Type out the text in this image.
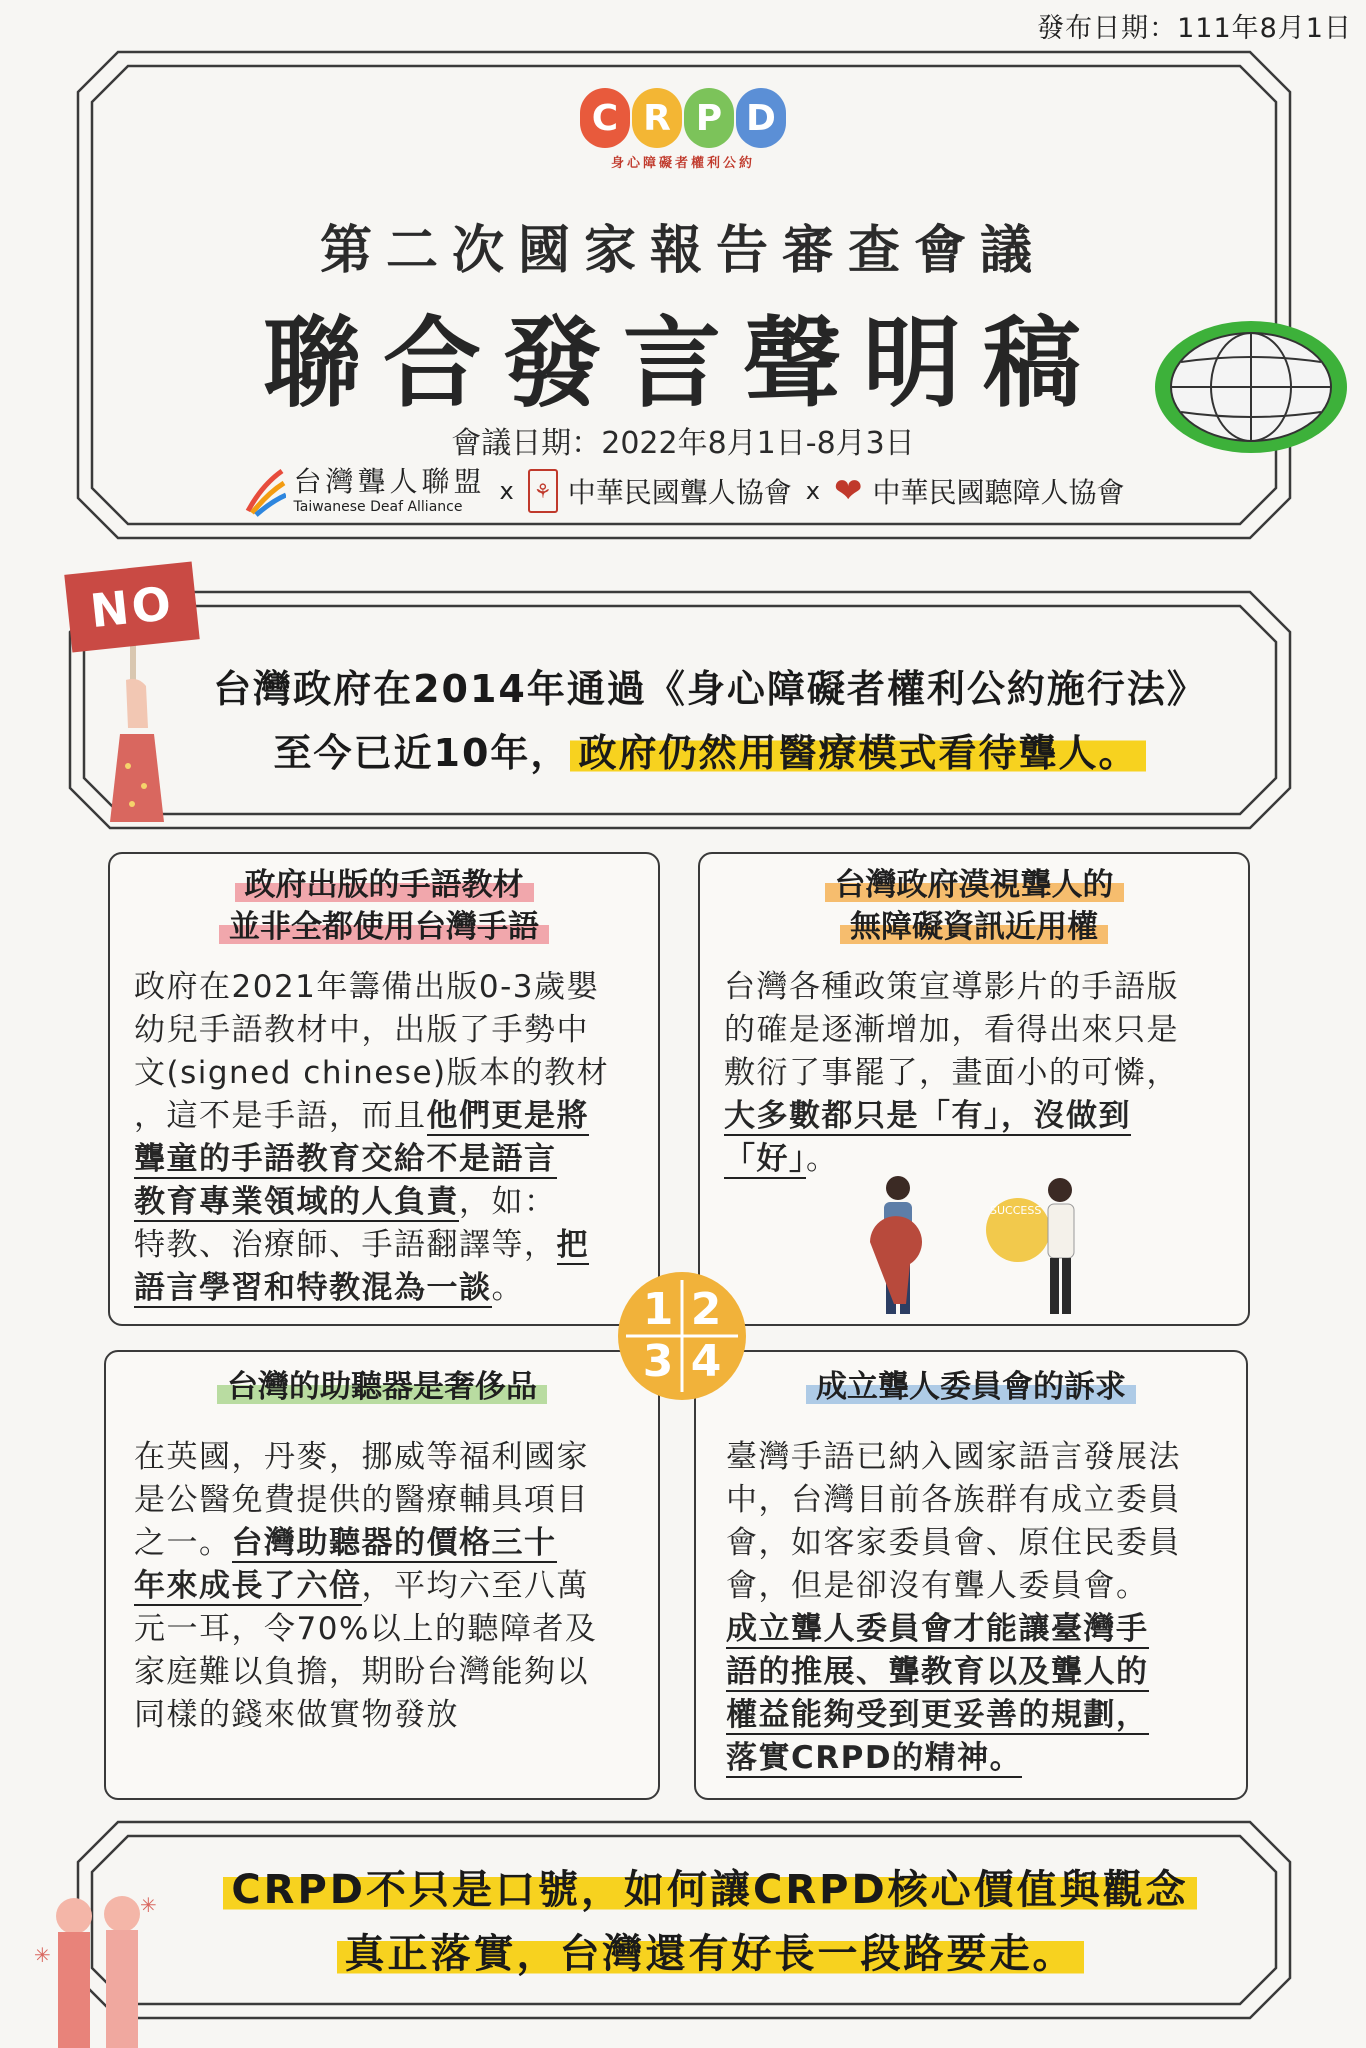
發布日期：111年8月1日
C R P D
身心障礙者權利公約
第二次國家報告審查會議
聯合發言聲明稿
會議日期：2022年8月1日-8月3日
台灣聾人聯盟
Taiwanese Deaf Alliance
x	⚘ 中華民國聾人協會 x ❤ 中華民國聽障人協會
NO
台灣政府在2014年通過《身心障礙者權利公約施行法》
至今已近10年， 政府仍然用醫療模式看待聾人。
政府出版的手語教材
並非全都使用台灣手語
政府在2021年籌備出版0-3歲嬰
幼兒手語教材中，出版了手勢中
文(signed chinese)版本的教材
，這不是手語，而且他們更是將
聾童的手語教育交給不是語言
教育專業領域的人負責，如：
特教、治療師、手語翻譯等，把
語言學習和特教混為一談。
台灣政府漠視聾人的
無障礙資訊近用權
台灣各種政策宣導影片的手語版
的確是逐漸增加，看得出來只是
敷衍了事罷了，畫面小的可憐，
大多數都只是「有」，沒做到
「好」。
SUCCESS
台灣的助聽器是奢侈品
在英國，丹麥，挪威等福利國家
是公醫免費提供的醫療輔具項目
之一。台灣助聽器的價格三十
年來成長了六倍，平均六至八萬
元一耳，令70%以上的聽障者及
家庭難以負擔，期盼台灣能夠以
同樣的錢來做實物發放
成立聾人委員會的訴求
臺灣手語已納入國家語言發展法
中，台灣目前各族群有成立委員
會，如客家委員會、原住民委員
會，但是卻沒有聾人委員會。
成立聾人委員會才能讓臺灣手
語的推展、聾教育以及聾人的
權益能夠受到更妥善的規劃，
落實CRPD的精神。
1 2
3 4
✳
✳	CRPD不只是口號，如何讓CRPD核心價值與觀念
真正落實，台灣還有好長一段路要走。
